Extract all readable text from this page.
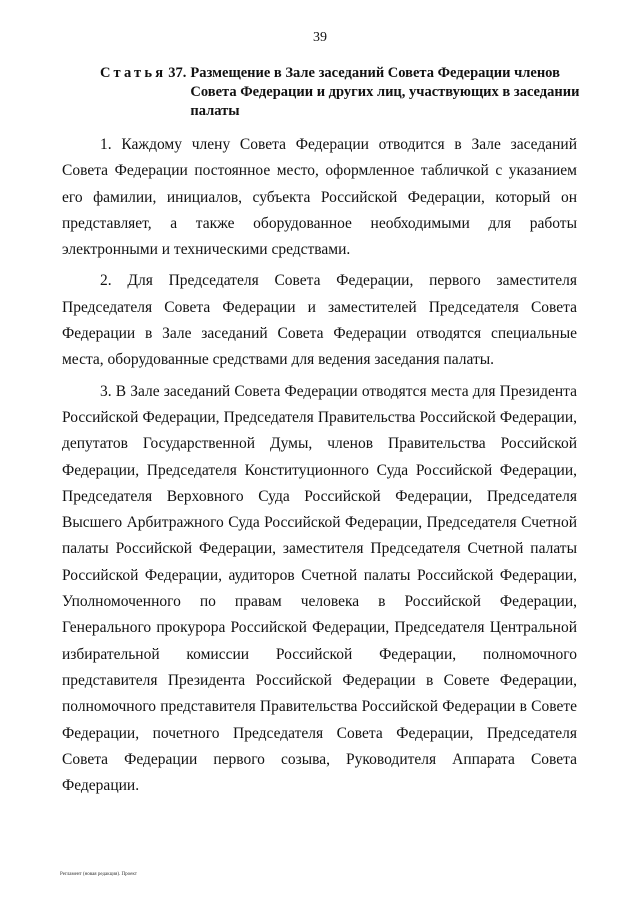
39
Статья 37. Размещение в Зале заседаний Совета Федерации членов Совета Федерации и других лиц, участвующих в заседании палаты

1. Каждому члену Совета Федерации отводится в Зале заседаний Совета Федерации постоянное место, оформленное табличкой с указанием его фамилии, инициалов, субъекта Российской Федерации, который он представляет, а также оборудованное необходимыми для работы электронными и техническими средствами.

2. Для Председателя Совета Федерации, первого заместителя Председателя Совета Федерации и заместителей Председателя Совета Федерации в Зале заседаний Совета Федерации отводятся специальные места, оборудованные средствами для ведения заседания палаты.

3. В Зале заседаний Совета Федерации отводятся места для Президента Российской Федерации, Председателя Правительства Российской Федерации, депутатов Государственной Думы, членов Правительства Российской Федерации, Председателя Конституционного Суда Российской Федерации, Председателя Верховного Суда Российской Федерации, Председателя Высшего Арбитражного Суда Российской Федерации, Председателя Счетной палаты Российской Федерации, заместителя Председателя Счетной палаты Российской Федерации, аудиторов Счетной палаты Российской Федерации, Уполномоченного по правам человека в Российской Федерации, Генерального прокурора Российской Федерации, Председателя Центральной избирательной комиссии Российской Федерации, полномочного представителя Президента Российской Федерации в Совете Федерации, полномочного представителя Правительства Российской Федерации в Совете Федерации, почетного Председателя Совета Федерации, Председателя Совета Федерации первого созыва, Руководителя Аппарата Совета Федерации.

Регламент (новая редакция). Проект
